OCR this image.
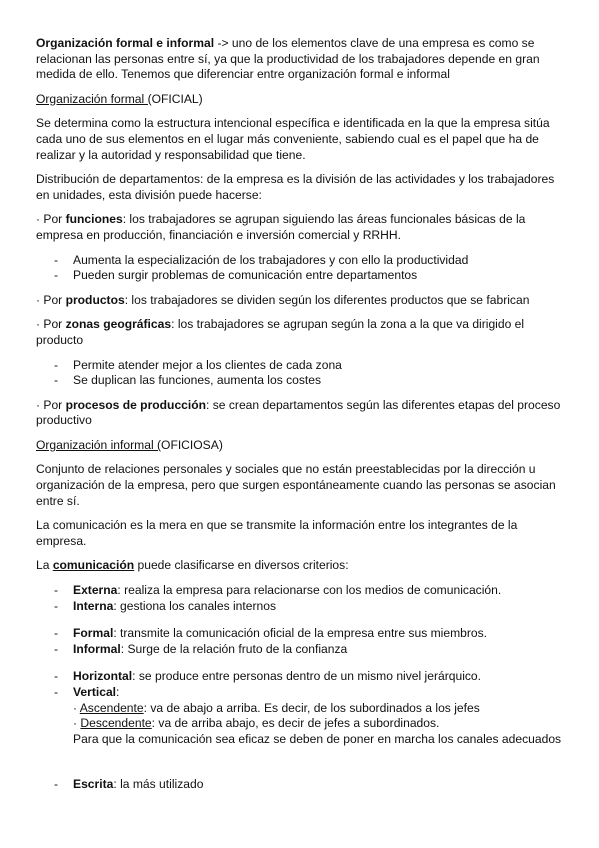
Organización formal e informal -> uno de los elementos clave de una empresa es como se relacionan las personas entre sí, ya que la productividad de los trabajadores depende en gran medida de ello. Tenemos que diferenciar entre organización formal e informal

Organización formal (OFICIAL)

Se determina como la estructura intencional específica e identificada en la que la empresa sitúa cada uno de sus elementos en el lugar más conveniente, sabiendo cual es el papel que ha de realizar y la autoridad y responsabilidad que tiene.

Distribución de departamentos: de la empresa es la división de las actividades y los trabajadores en unidades, esta división puede hacerse:

· Por funciones: los trabajadores se agrupan siguiendo las áreas funcionales básicas de la empresa en producción, financiación e inversión comercial y RRHH.

- Aumenta la especialización de los trabajadores y con ello la productividad
- Pueden surgir problemas de comunicación entre departamentos

· Por productos: los trabajadores se dividen según los diferentes productos que se fabrican

· Por zonas geográficas: los trabajadores se agrupan según la zona a la que va dirigido el producto

- Permite atender mejor a los clientes de cada zona
- Se duplican las funciones, aumenta los costes

· Por procesos de producción: se crean departamentos según las diferentes etapas del proceso productivo

Organización informal (OFICIOSA)

Conjunto de relaciones personales y sociales que no están preestablecidas por la dirección u organización de la empresa, pero que surgen espontáneamente cuando las personas se asocian entre sí.

La comunicación es la mera en que se transmite la información entre los integrantes de la empresa.

La comunicación puede clasificarse en diversos criterios:

- Externa: realiza la empresa para relacionarse con los medios de comunicación.
- Interna: gestiona los canales internos
- Formal: transmite la comunicación oficial de la empresa entre sus miembros.
- Informal: Surge de la relación fruto de la confianza
- Horizontal: se produce entre personas dentro de un mismo nivel jerárquico.
- Vertical:

· Ascendente: va de abajo a arriba. Es decir, de los subordinados a los jefes

· Descendente: va de arriba abajo, es decir de jefes a subordinados.

Para que la comunicación sea eficaz se deben de poner en marcha los canales adecuados

- Escrita: la más utilizado
